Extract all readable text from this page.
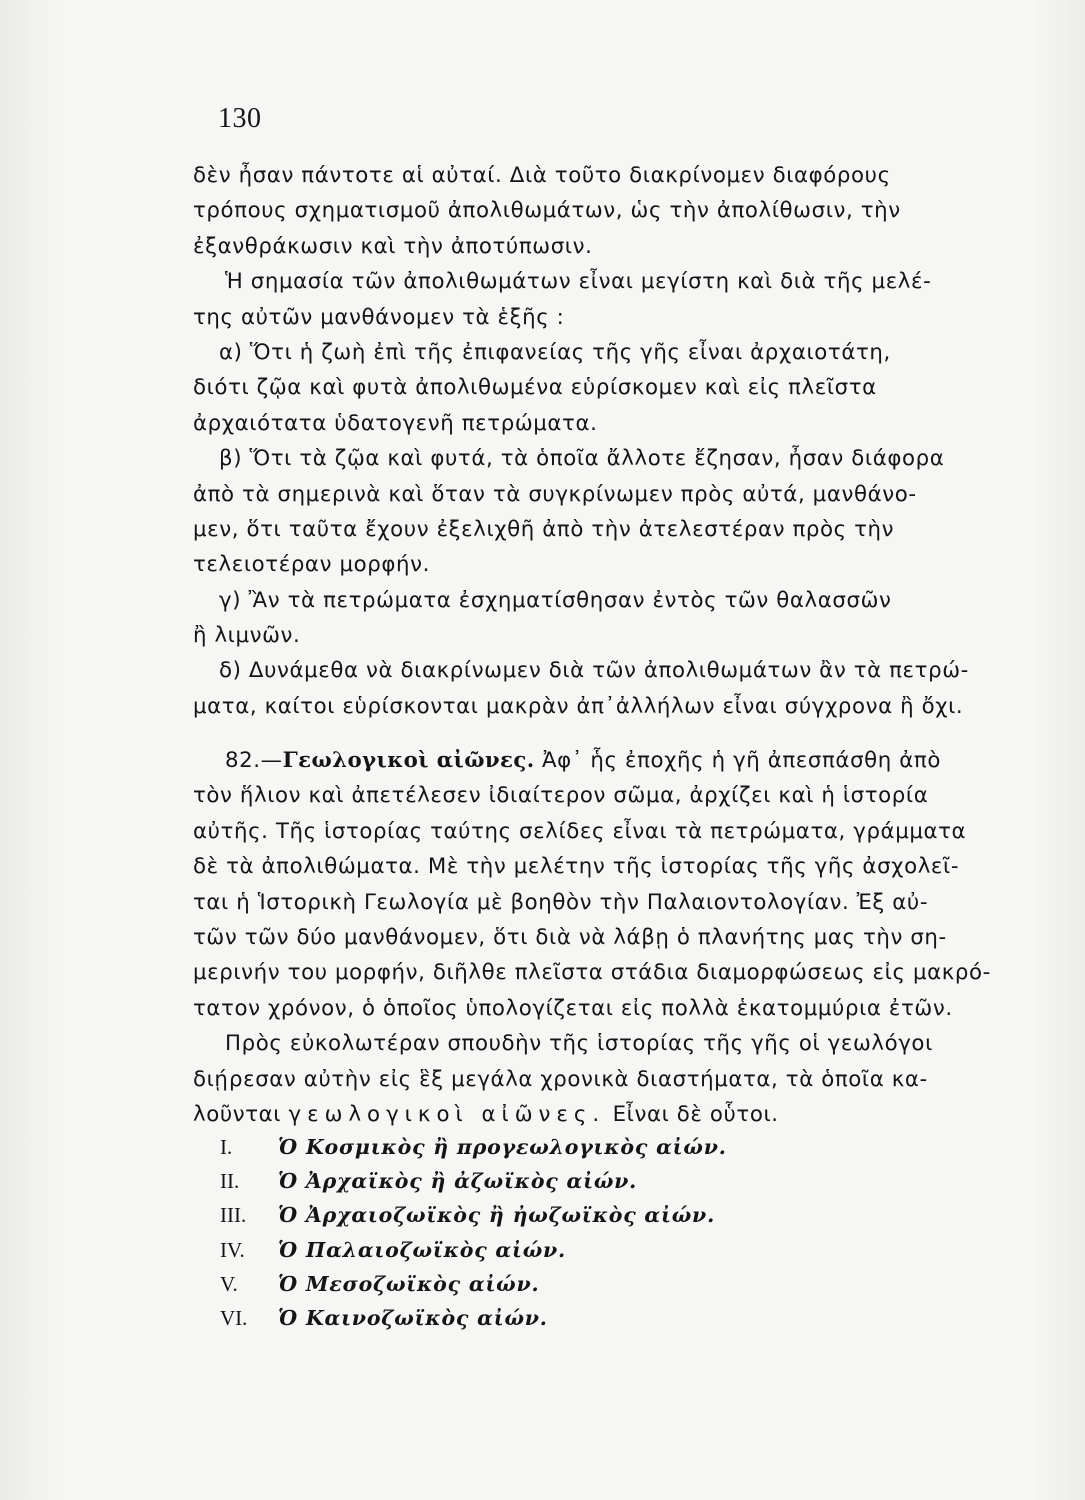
130
δὲν ἦσαν πάντοτε αἱ αὐταί. Διὰ τοῦτο διακρίνομεν διαφόρους
τρόπους σχηματισμοῦ ἀπολιθωμάτων, ὡς τὴν ἀπολίθωσιν, τὴν
ἐξανθράκωσιν καὶ τὴν ἀποτύπωσιν.
Ἡ σημασία τῶν ἀπολιθωμάτων εἶναι μεγίστη καὶ διὰ τῆς μελέ-
της αὐτῶν μανθάνομεν τὰ ἑξῆς :
α) Ὅτι ἡ ζωὴ ἐπὶ τῆς ἐπιφανείας τῆς γῆς εἶναι ἀρχαιοτάτη,
διότι ζῷα καὶ φυτὰ ἀπολιθωμένα εὑρίσκομεν καὶ εἰς πλεῖστα
ἀρχαιότατα ὑδατογενῆ πετρώματα.
β) Ὅτι τὰ ζῷα καὶ φυτά, τὰ ὁποῖα ἄλλοτε ἔζησαν, ἦσαν διάφορα
ἀπὸ τὰ σημερινὰ καὶ ὅταν τὰ συγκρίνωμεν πρὸς αὐτά, μανθάνο-
μεν, ὅτι ταῦτα ἔχουν ἐξελιχθῆ ἀπὸ τὴν ἀτελεστέραν πρὸς τὴν
τελειοτέραν μορφήν.
γ) Ἂν τὰ πετρώματα ἐσχηματίσθησαν ἐντὸς τῶν θαλασσῶν
ἢ λιμνῶν.
δ) Δυνάμεθα νὰ διακρίνωμεν διὰ τῶν ἀπολιθωμάτων ἂν τὰ πετρώ-
ματα, καίτοι εὑρίσκονται μακρὰν ἀπ᾽ἀλλήλων εἶναι σύγχρονα ἢ ὄχι.
82.—Γεωλογικοὶ αἰῶνες. Ἀφ᾽ ἧς ἐποχῆς ἡ γῆ ἀπεσπάσθη ἀπὸ
τὸν ἥλιον καὶ ἀπετέλεσεν ἰδιαίτερον σῶμα, ἀρχίζει καὶ ἡ ἱστορία
αὐτῆς. Τῆς ἱστορίας ταύτης σελίδες εἶναι τὰ πετρώματα, γράμματα
δὲ τὰ ἀπολιθώματα. Μὲ τὴν μελέτην τῆς ἱστορίας τῆς γῆς ἀσχολεῖ-
ται ἡ Ἱστορικὴ Γεωλογία μὲ βοηθὸν τὴν Παλαιοντολογίαν. Ἐξ αὐ-
τῶν τῶν δύο μανθάνομεν, ὅτι διὰ νὰ λάβῃ ὁ πλανήτης μας τὴν ση-
μερινήν του μορφήν, διῆλθε πλεῖστα στάδια διαμορφώσεως εἰς μακρό-
τατον χρόνον, ὁ ὁποῖος ὑπολογίζεται εἰς πολλὰ ἑκατομμύρια ἐτῶν.
Πρὸς εὐκολωτέραν σπουδὴν τῆς ἱστορίας τῆς γῆς οἱ γεωλόγοι
διῄρεσαν αὐτὴν εἰς ἓξ μεγάλα χρονικὰ διαστήματα, τὰ ὁποῖα κα-
λοῦνται γεωλογικοὶ αἰῶνες. Εἶναι δὲ οὗτοι.
I.	Ὁ Κοσμικὸς ἢ προγεωλογικὸς αἰών.
II.	Ὁ Ἀρχαϊκὸς ἢ ἀζωϊκὸς αἰών.
III.	Ὁ Ἀρχαιοζωϊκὸς ἢ ἠωζωϊκὸς αἰών.
IV.	Ὁ Παλαιοζωϊκὸς αἰών.
V.	Ὁ Μεσοζωϊκὸς αἰών.
VI.	Ὁ Καινοζωϊκὸς αἰών.
